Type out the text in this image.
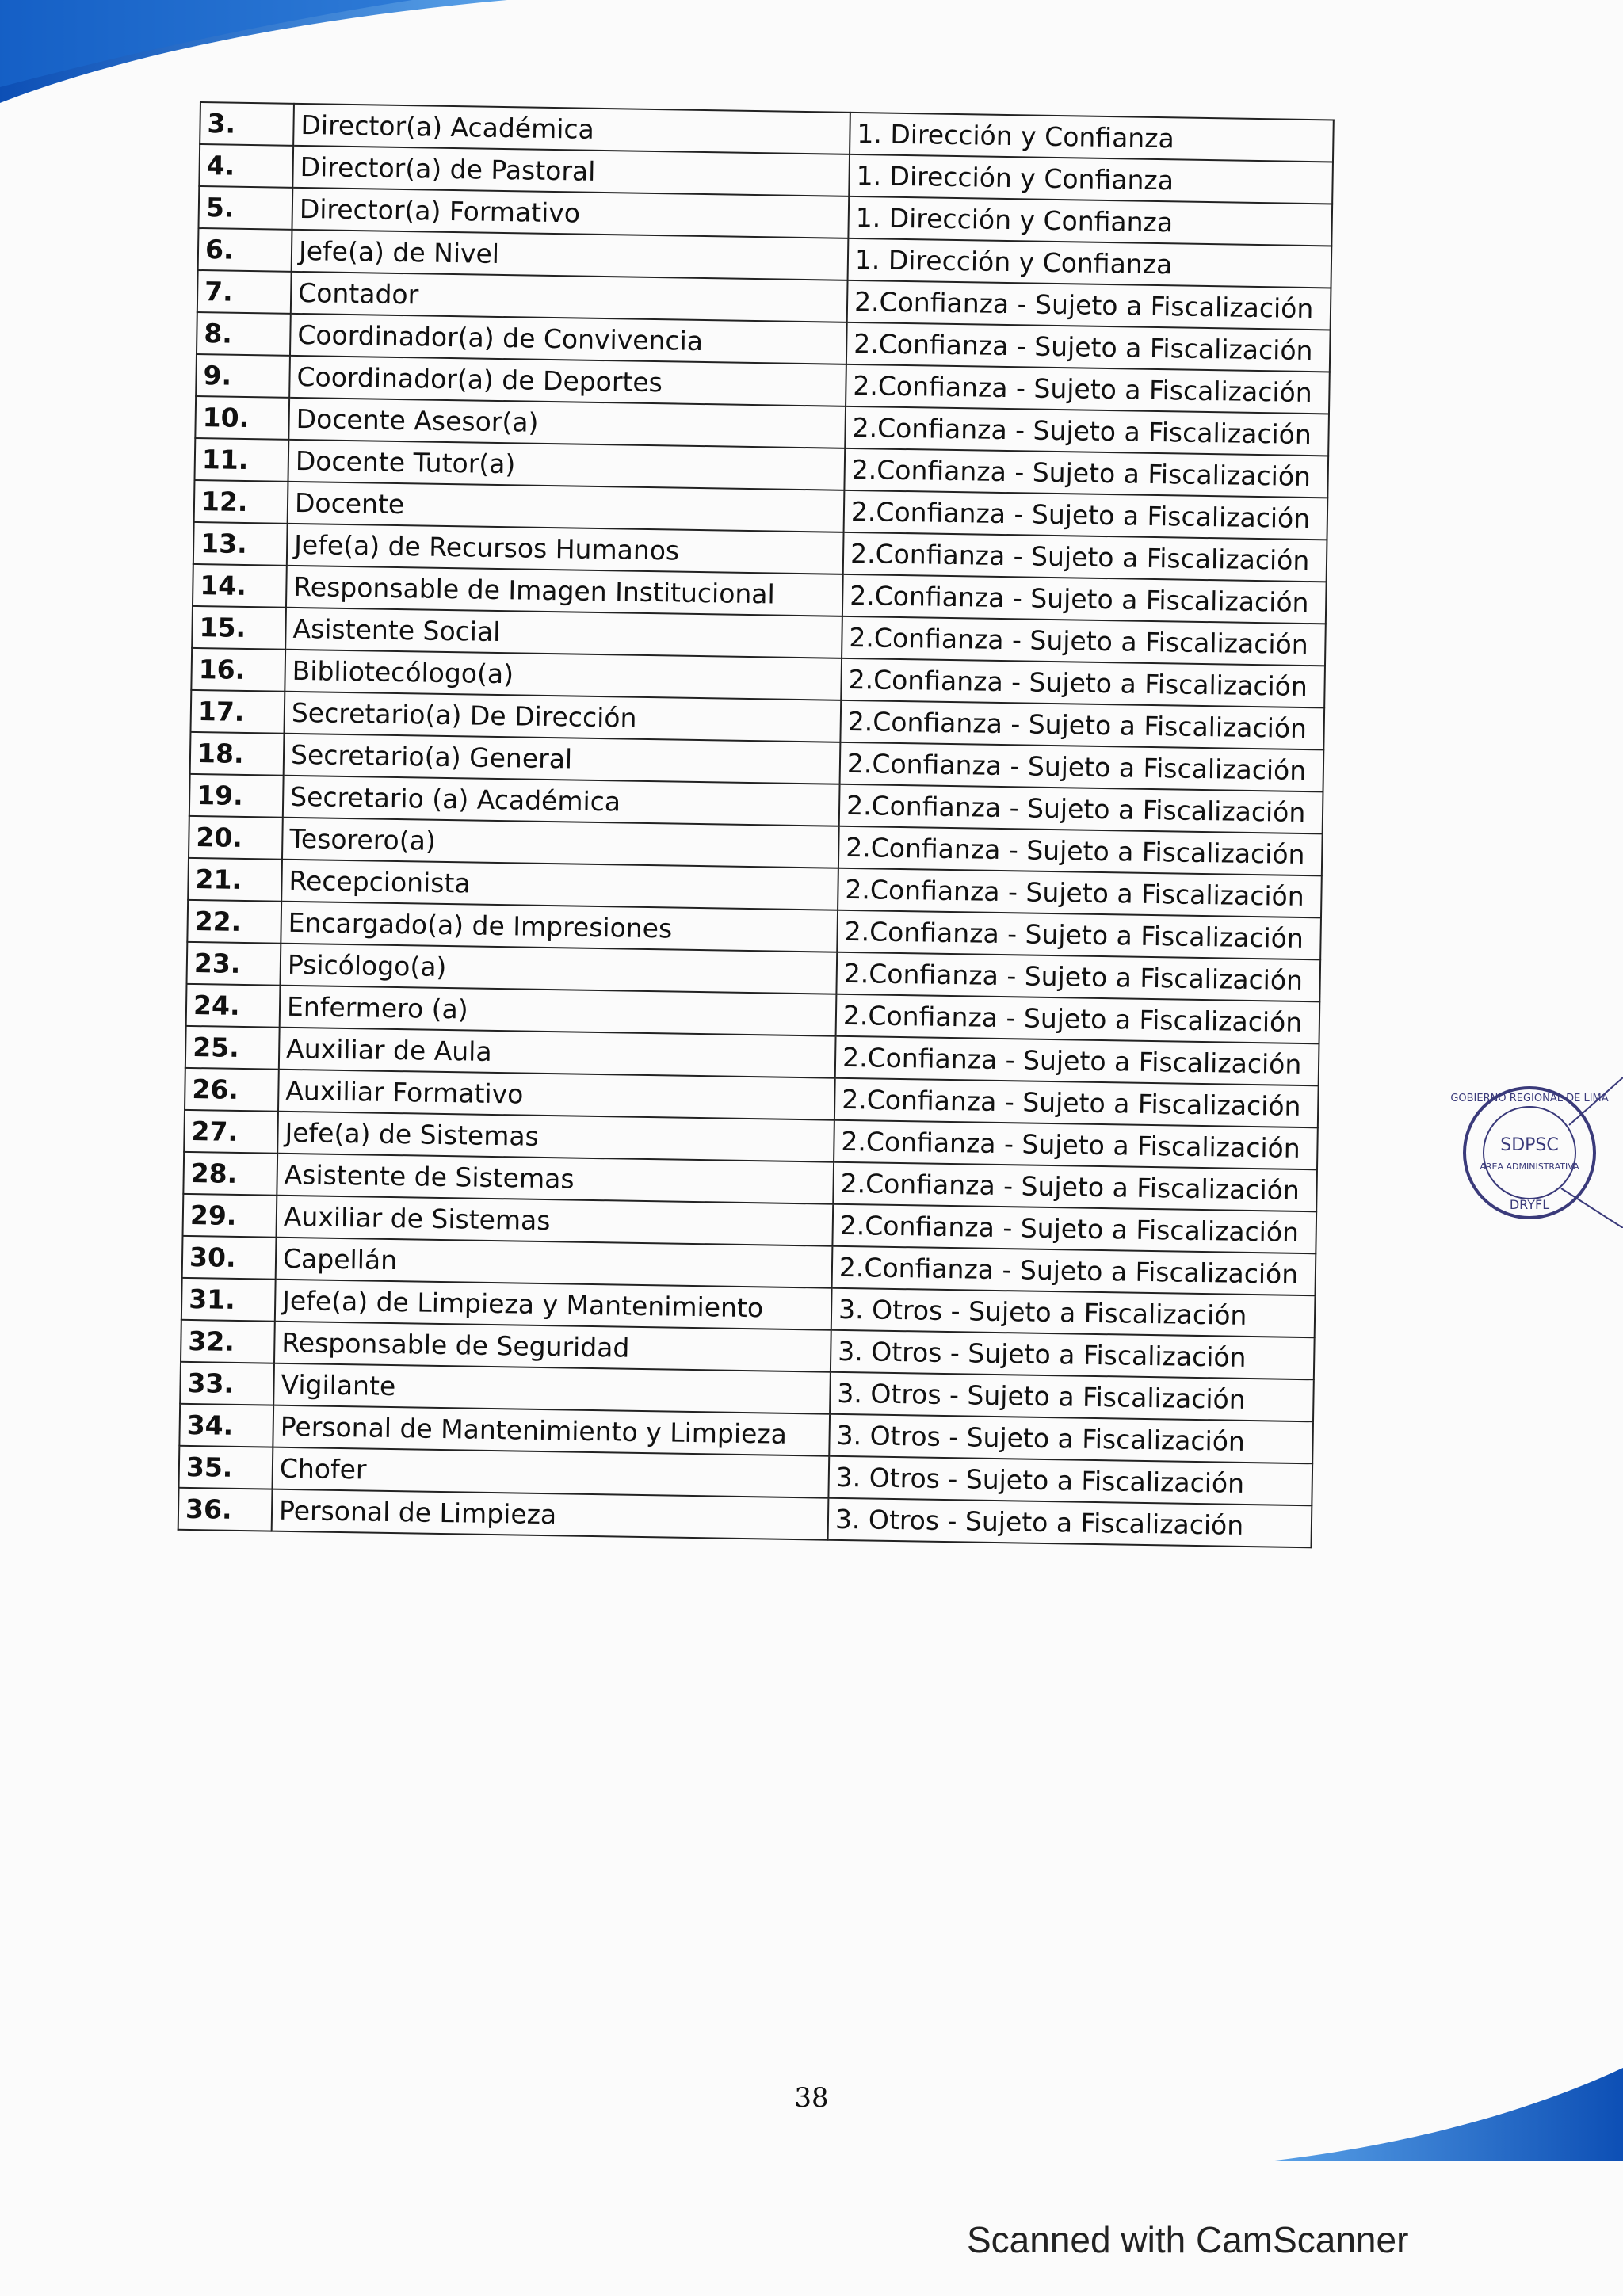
3.	Director(a) Académica	1. Dirección y Confianza
4.	Director(a) de Pastoral	1. Dirección y Confianza
5.	Director(a) Formativo	1. Dirección y Confianza
6.	Jefe(a) de Nivel	1. Dirección y Confianza
7.	Contador	2.Confianza - Sujeto a Fiscalización
8.	Coordinador(a) de Convivencia	2.Confianza - Sujeto a Fiscalización
9.	Coordinador(a) de Deportes	2.Confianza - Sujeto a Fiscalización
10.	Docente Asesor(a)	2.Confianza - Sujeto a Fiscalización
11.	Docente Tutor(a)	2.Confianza - Sujeto a Fiscalización
12.	Docente	2.Confianza - Sujeto a Fiscalización
13.	Jefe(a) de Recursos Humanos	2.Confianza - Sujeto a Fiscalización
14.	Responsable de Imagen Institucional	2.Confianza - Sujeto a Fiscalización
15.	Asistente Social	2.Confianza - Sujeto a Fiscalización
16.	Bibliotecólogo(a)	2.Confianza - Sujeto a Fiscalización
17.	Secretario(a) De Dirección	2.Confianza - Sujeto a Fiscalización
18.	Secretario(a) General	2.Confianza - Sujeto a Fiscalización
19.	Secretario (a) Académica	2.Confianza - Sujeto a Fiscalización
20.	Tesorero(a)	2.Confianza - Sujeto a Fiscalización
21.	Recepcionista	2.Confianza - Sujeto a Fiscalización
22.	Encargado(a) de Impresiones	2.Confianza - Sujeto a Fiscalización
23.	Psicólogo(a)	2.Confianza - Sujeto a Fiscalización
24.	Enfermero (a)	2.Confianza - Sujeto a Fiscalización
25.	Auxiliar de Aula	2.Confianza - Sujeto a Fiscalización
26.	Auxiliar Formativo	2.Confianza - Sujeto a Fiscalización
27.	Jefe(a) de Sistemas	2.Confianza - Sujeto a Fiscalización
28.	Asistente de Sistemas	2.Confianza - Sujeto a Fiscalización
29.	Auxiliar de Sistemas	2.Confianza - Sujeto a Fiscalización
30.	Capellán	2.Confianza - Sujeto a Fiscalización
31.	Jefe(a) de Limpieza y Mantenimiento	3. Otros - Sujeto a Fiscalización
32.	Responsable de Seguridad	3. Otros - Sujeto a Fiscalización
33.	Vigilante	3. Otros - Sujeto a Fiscalización
34.	Personal de Mantenimiento y Limpieza	3. Otros - Sujeto a Fiscalización
35.	Chofer	3. Otros - Sujeto a Fiscalización
36.	Personal de Limpieza	3. Otros - Sujeto a Fiscalización
GOBIERNO REGIONAL DE LIMA
SDPSC
AREA ADMINISTRATIVA
DRYFL
38
Scanned with CamScanner
